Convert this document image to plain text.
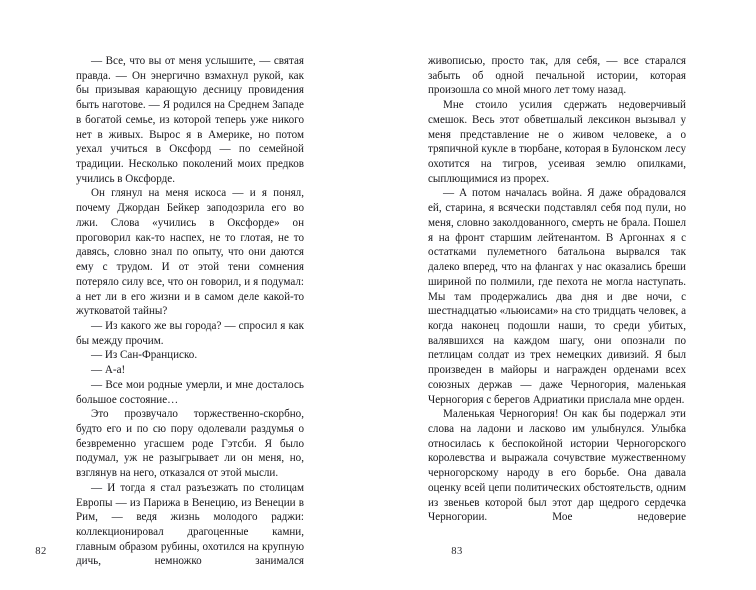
— Все, что вы от меня услышите, — святая правда. — Он энергично взмахнул рукой, как бы призывая карающую десницу провидения быть наготове. — Я родился на Среднем Западе в богатой семье, из которой теперь уже никого нет в живых. Вырос я в Америке, но потом уехал учиться в Оксфорд — по семейной традиции. Несколько поколений моих предков учились в Оксфорде.

Он глянул на меня искоса — и я понял, почему Джордан Бейкер заподозрила его во лжи. Слова «учились в Оксфорде» он проговорил как-то наспех, не то глотая, не то давясь, словно знал по опыту, что они даются ему с трудом. И от этой тени сомнения потеряло силу все, что он говорил, и я подумал: а нет ли в его жизни и в самом деле какой-то жутковатой тайны?

— Из какого же вы города? — спросил я как бы между прочим.

— Из Сан-Франциско.

— А-а!

— Все мои родные умерли, и мне досталось большое состояние…

Это прозвучало торжественно-скорбно, будто его и по сю пору одолевали раздумья о безвременно угасшем роде Гэтсби. Я было подумал, уж не разыгрывает ли он меня, но, взглянув на него, отказался от этой мысли.

— И тогда я стал разъезжать по столицам Европы — из Парижа в Венецию, из Венеции в Рим, — ведя жизнь молодого раджи: коллекционировал драгоценные камни, главным образом рубины, охотился на крупную дичь, немножко занимался

82

живописью, просто так, для себя, — все старался забыть об одной печальной истории, которая произошла со мной много лет тому назад.

Мне стоило усилия сдержать недоверчивый смешок. Весь этот обветшалый лексикон вызывал у меня представление не о живом человеке, а о тряпичной кукле в тюрбане, которая в Булонском лесу охотится на тигров, усеивая землю опилками, сыплющимися из прорех.

— А потом началась война. Я даже обрадовался ей, старина, я всячески подставлял себя под пули, но меня, словно заколдованного, смерть не брала. Пошел я на фронт старшим лейтенантом. В Аргоннах я с остатками пулеметного батальона вырвался так далеко вперед, что на флангах у нас оказались бреши шириной по полмили, где пехота не могла наступать. Мы там продержались два дня и две ночи, с шестнадцатью «льюисами» на сто тридцать человек, а когда наконец подошли наши, то среди убитых, валявшихся на каждом шагу, они опознали по петлицам солдат из трех немецких дивизий. Я был произведен в майоры и награжден орденами всех союзных держав — даже Черногория, маленькая Черногория с берегов Адриатики прислала мне орден.

Маленькая Черногория! Он как бы подержал эти слова на ладони и ласково им улыбнулся. Улыбка относилась к беспокойной истории Черногорского королевства и выражала сочувствие мужественному черногорскому народу в его борьбе. Она давала оценку всей цепи политических обстоятельств, одним из звеньев которой был этот дар щедрого сердечка Черногории. Мое недоверие

83
